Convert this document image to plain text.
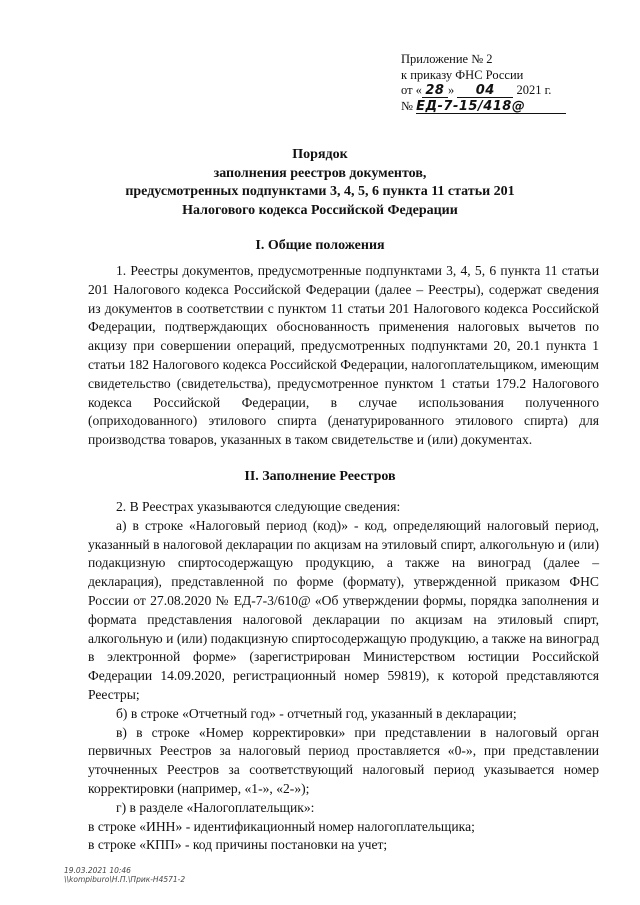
Приложение № 2
к приказу ФНС России
от « 28 » 04 2021 г.
№ ЕД-7-15/418@
Порядок
заполнения реестров документов,
предусмотренных подпунктами 3, 4, 5, 6 пункта 11 статьи 201
Налогового кодекса Российской Федерации
I. Общие положения

1. Реестры документов, предусмотренные подпунктами 3, 4, 5, 6 пункта 11 статьи 201 Налогового кодекса Российской Федерации (далее – Реестры), содержат сведения из документов в соответствии с пунктом 11 статьи 201 Налогового кодекса Российской Федерации, подтверждающих обоснованность применения налоговых вычетов по акцизу при совершении операций, предусмотренных подпунктами 20, 20.1 пункта 1 статьи 182 Налогового кодекса Российской Федерации, налогоплательщиком, имеющим свидетельство (свидетельства), предусмотренное пунктом 1 статьи 179.2 Налогового кодекса Российской Федерации, в случае использования полученного (оприходованного) этилового спирта (денатурированного этилового спирта) для производства товаров, указанных в таком свидетельстве и (или) документах.

II. Заполнение Реестров

2. В Реестрах указываются следующие сведения:

а) в строке «Налоговый период (код)» - код, определяющий налоговый период, указанный в налоговой декларации по акцизам на этиловый спирт, алкогольную и (или) подакцизную спиртосодержащую продукцию, а также на виноград (далее – декларация), представленной по форме (формату), утвержденной приказом ФНС России от 27.08.2020 № ЕД-7-3/610@ «Об утверждении формы, порядка заполнения и формата представления налоговой декларации по акцизам на этиловый спирт, алкогольную и (или) подакцизную спиртосодержащую продукцию, а также на виноград в электронной форме» (зарегистрирован Министерством юстиции Российской Федерации 14.09.2020, регистрационный номер 59819), к которой представляются Реестры;

б) в строке «Отчетный год» - отчетный год, указанный в декларации;

в) в строке «Номер корректировки» при представлении в налоговый орган первичных Реестров за налоговый период проставляется «0-», при представлении уточненных Реестров за соответствующий налоговый период указывается номер корректировки (например, «1-», «2-»);

г) в разделе «Налогоплательщик»:

в строке «ИНН» - идентификационный номер налогоплательщика;

в строке «КПП» - код причины постановки на учет;

19.03.2021 10:46
\\kompiburo\Н.П.\Прик-Н4571-2
